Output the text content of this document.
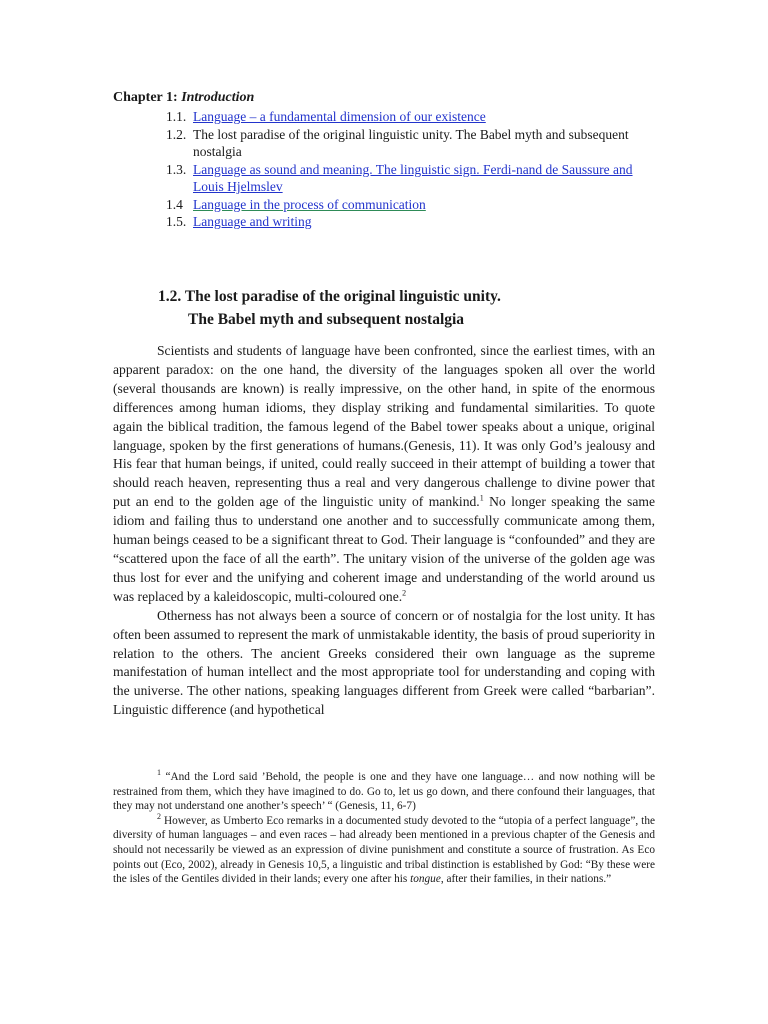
Chapter 1: Introduction
1.1. Language – a fundamental dimension of our existence
1.2. The lost paradise of the original linguistic unity. The Babel myth and subsequent nostalgia
1.3. Language as sound and meaning. The linguistic sign. Ferdi-nand de Saussure and Louis Hjelmslev
1.4 Language in the process of communication
1.5. Language and writing
1.2. The lost paradise of the original linguistic unity.
The Babel myth and subsequent nostalgia

Scientists and students of language have been confronted, since the earliest times, with an apparent paradox: on the one hand, the diversity of the languages spoken all over the world (several thousands are known) is really impressive, on the other hand, in spite of the enormous differences among human idioms, they display striking and fundamental similarities. To quote again the biblical tradition, the famous legend of the Babel tower speaks about a unique, original language, spoken by the first generations of humans.(Genesis, 11). It was only God’s jealousy and His fear that human beings, if united, could really succeed in their attempt of building a tower that should reach heaven, representing thus a real and very dangerous challenge to divine power that put an end to the golden age of the linguistic unity of mankind.$^1$ No longer speaking the same idiom and failing thus to understand one another and to successfully communicate among them, human beings ceased to be a significant threat to God. Their language is “confounded” and they are “scattered upon the face of all the earth”. The unitary vision of the universe of the golden age was thus lost for ever and the unifying and coherent image and understanding of the world around us was replaced by a kaleidoscopic, multi-coloured one.$^2$

Otherness has not always been a source of concern or of nostalgia for the lost unity. It has often been assumed to represent the mark of unmistakable identity, the basis of proud superiority in relation to the others. The ancient Greeks considered their own language as the supreme manifestation of human intellect and the most appropriate tool for understanding and coping with the universe. The other nations, speaking languages different from Greek were called “barbarian”. Linguistic difference (and hypothetical

$^1$ “And the Lord said ’Behold, the people is one and they have one language… and now nothing will be restrained from them, which they have imagined to do. Go to, let us go down, and there confound their languages, that they may not understand one another’s speech’ “ (Genesis, 11, 6-7)

$^2$ However, as Umberto Eco remarks in a documented study devoted to the “utopia of a perfect language”, the diversity of human languages – and even races – had already been mentioned in a previous chapter of the Genesis and should not necessarily be viewed as an expression of divine punishment and constitute a source of frustration. As Eco points out (Eco, 2002), already in Genesis 10,5, a linguistic and tribal distinction is established by God: “By these were the isles of the Gentiles divided in their lands; every one after his tongue, after their families, in their nations.”
